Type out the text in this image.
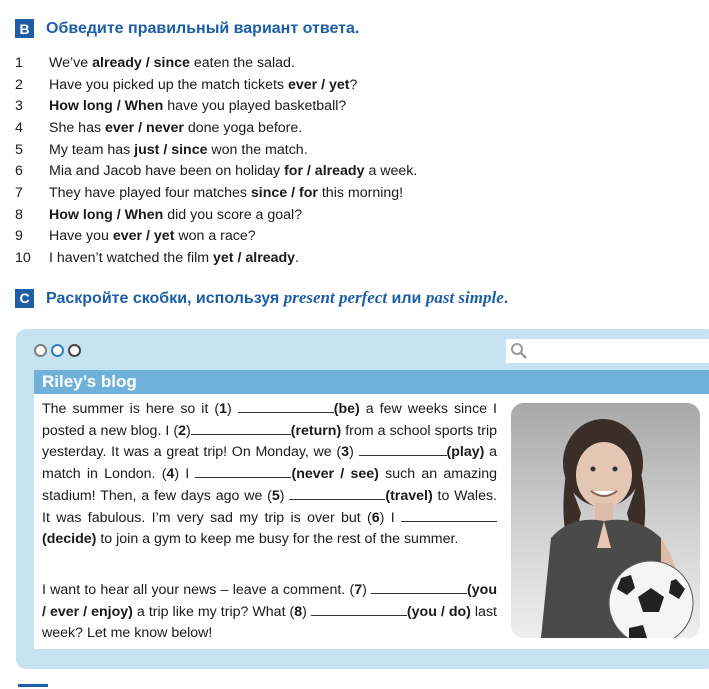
B Обведите правильный вариант ответа.
1	We’ve already / since eaten the salad.
2	Have you picked up the match tickets ever / yet ?
3	How long / When have you played basketball?
4	She has ever / never done yoga before.
5	My team has just / since won the match.
6	Mia and Jacob have been on holiday for / already a week.
7	They have played four matches since / for this morning!
8	How long / When did you score a goal?
9	Have you ever / yet won a race?
10	I haven’t watched the film yet / already .
C Раскройте скобки, используя present perfect или past simple.
Riley’s blog
The summer is here so it (1)	(be) a few weeks since I posted a new blog. I (2)	(return) from a school sports trip yesterday. It was a great trip! On Monday, we (3)	(play) a match in London. (4) I	(never / see) such an amazing stadium! Then, a few days ago we (5)	(travel) to Wales. It was fabulous. I’m very sad my trip is over but (6) I (decide) to join a gym to keep me busy for the rest of the summer.
I want to hear all your news – leave a comment. (7)	(you / ever / enjoy) a trip like my trip? What (8)	(you / do) last week? Let me know below!
